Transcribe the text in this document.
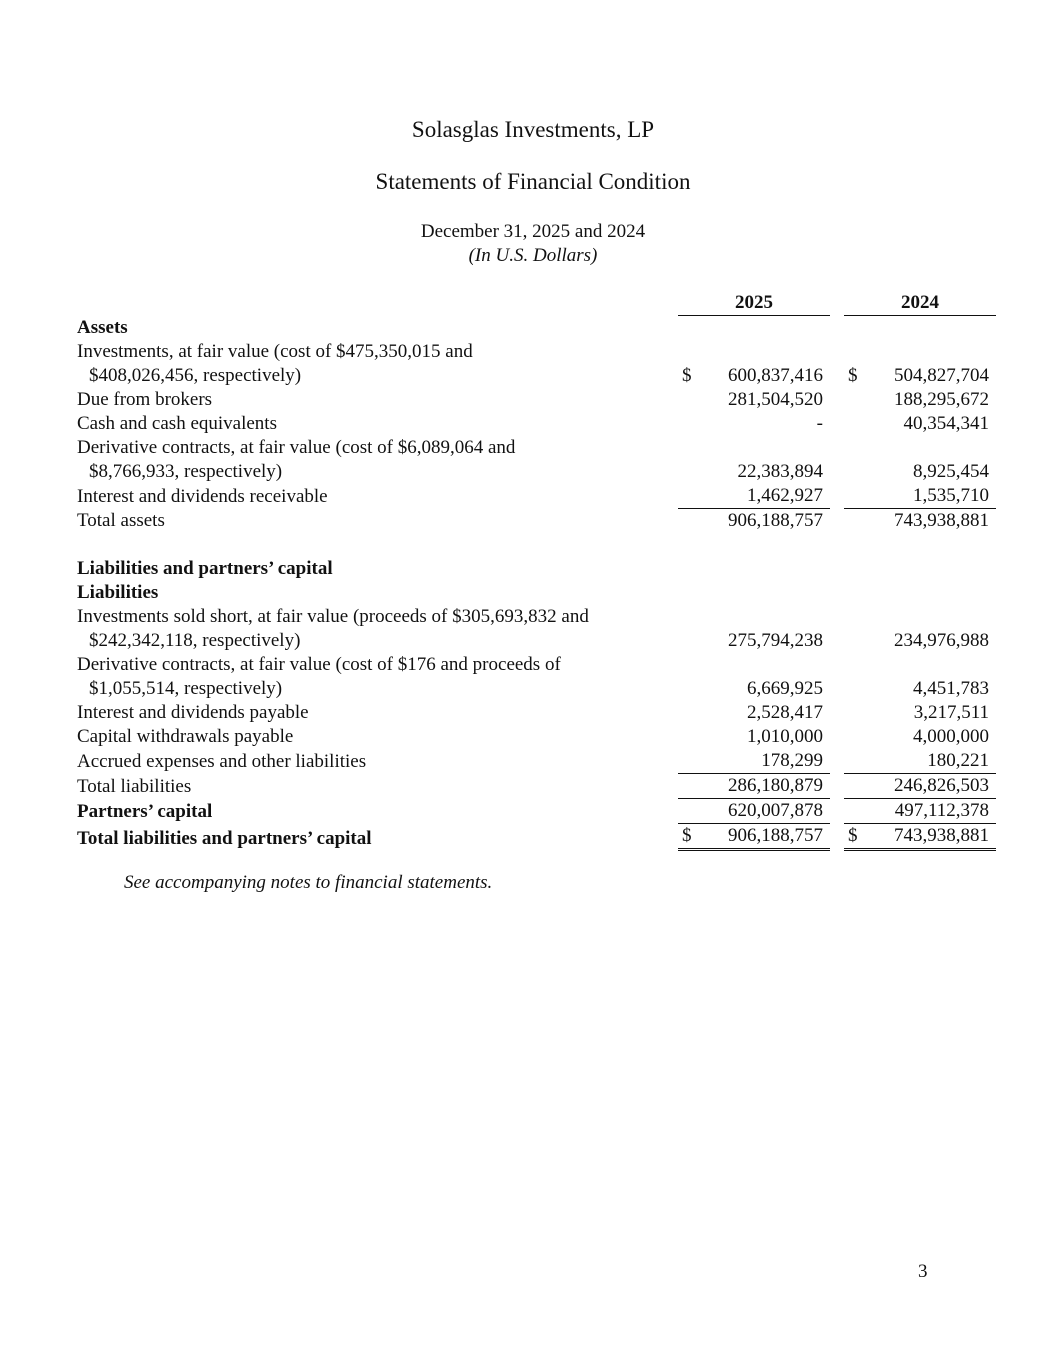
Solasglas Investments, LP
Statements of Financial Condition
December 31, 2025 and 2024
(In U.S. Dollars)
	2025			2024	
Assets					
Investments, at fair value (cost of $475,350,015 and					
$408,026,456, respectively)	$	600,837,416		$	504,827,704
Due from brokers		281,504,520			188,295,672
Cash and cash equivalents		-			40,354,341
Derivative contracts, at fair value (cost of $6,089,064 and					
$8,766,933, respectively)		22,383,894			8,925,454
Interest and dividends receivable		1,462,927			1,535,710
Total assets		906,188,757			743,938,881

Liabilities and partners’ capital					
Liabilities					
Investments sold short, at fair value (proceeds of $305,693,832 and					
$242,342,118, respectively)		275,794,238			234,976,988
Derivative contracts, at fair value (cost of $176 and proceeds of					
$1,055,514, respectively)		6,669,925			4,451,783
Interest and dividends payable		2,528,417			3,217,511
Capital withdrawals payable		1,010,000			4,000,000
Accrued expenses and other liabilities		178,299			180,221
Total liabilities		286,180,879			246,826,503
Partners’ capital		620,007,878			497,112,378
Total liabilities and partners’ capital	$	906,188,757		$	743,938,881
See accompanying notes to financial statements.
3
